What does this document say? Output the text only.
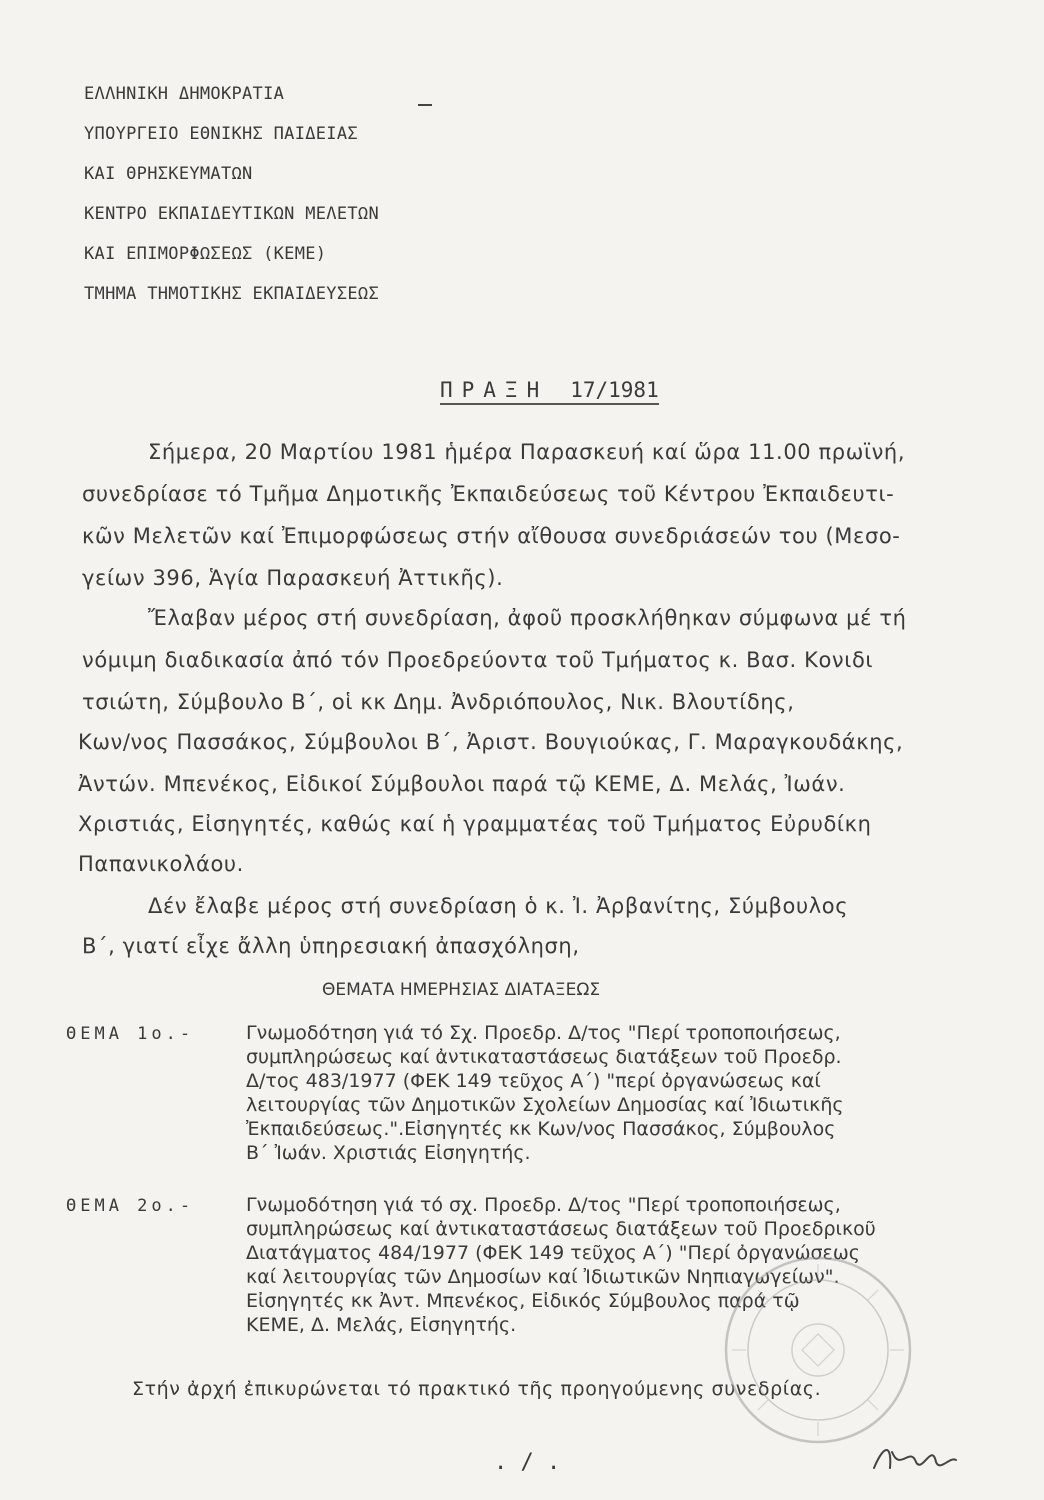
ΕΛΛΗΝΙΚΗ ΔΗΜΟΚΡΑΤΙΑ
ΥΠΟΥΡΓΕΙΟ ΕΘΝΙΚΗΣ ΠΑΙΔΕΙΑΣ
ΚΑΙ ΘΡΗΣΚΕΥΜΑΤΩΝ
ΚΕΝΤΡΟ ΕΚΠΑΙΔΕΥΤΙΚΩΝ ΜΕΛΕΤΩΝ
ΚΑΙ ΕΠΙΜΟΡΦΩΣΕΩΣ (ΚΕΜΕ)
ΤΜΗΜΑ ΤΗΜΟΤΙΚΗΣ ΕΚΠΑΙΔΕΥΣΕΩΣ
ΠΡΑΞΗ 17/1981
Σήμερα, 20 Μαρτίου 1981 ἡμέρα Παρασκευή καί ὥρα 11.00 πρωϊνή,
συνεδρίασε τό Τμῆμα Δημοτικῆς Ἐκπαιδεύσεως τοῦ Κέντρου Ἐκπαιδευτι-
κῶν Μελετῶν καί Ἐπιμορφώσεως στήν αἴθουσα συνεδριάσεών του (Μεσο-
γείων 396, Ἁγία Παρασκευή Ἀττικῆς).
Ἔλαβαν μέρος στή συνεδρίαση, ἀφοῦ προσκλήθηκαν σύμφωνα μέ τή
νόμιμη διαδικασία ἀπό τόν Προεδρεύοντα τοῦ Τμήματος κ. Βασ. Κονιδι
τσιώτη, Σύμβουλο Β΄, οἱ κκ Δημ. Ἀνδριόπουλος, Νικ. Βλουτίδης,
Κων/νος Πασσάκος, Σύμβουλοι Β΄, Ἀριστ. Βουγιούκας, Γ. Μαραγκουδάκης,
Ἀντών. Μπενέκος, Εἰδικοί Σύμβουλοι παρά τῷ ΚΕΜΕ, Δ. Μελάς, Ἰωάν.
Χριστιάς, Εἰσηγητές, καθώς καί ἡ γραμματέας τοῦ Τμήματος Εὐρυδίκη
Παπανικολάου.
Δέν ἔλαβε μέρος στή συνεδρίαση ὁ κ. Ἰ. Ἀρβανίτης, Σύμβουλος
Β΄, γιατί εἶχε ἄλλη ὑπηρεσιακή ἀπασχόληση,
ΘΕΜΑΤΑ ΗΜΕΡΗΣΙΑΣ ΔΙΑΤΑΞΕΩΣ
ΘΕΜΑ 1ο.-	Γνωμοδότηση γιά τό Σχ. Προεδρ. Δ/τος "Περί τροποποιήσεως,
συμπληρώσεως καί ἀντικαταστάσεως διατάξεων τοῦ Προεδρ.
Δ/τος 483/1977 (ΦΕΚ 149 τεῦχος Α΄) "περί ὀργανώσεως καί
λειτουργίας τῶν Δημοτικῶν Σχολείων Δημοσίας καί Ἰδιωτικῆς
Ἐκπαιδεύσεως.".Εἰσηγητές κκ Κων/νος Πασσάκος, Σύμβουλος
Β΄ Ἰωάν. Χριστιάς Εἰσηγητής.
ΘΕΜΑ 2ο.-	Γνωμοδότηση γιά τό σχ. Προεδρ. Δ/τος "Περί τροποποιήσεως,
συμπληρώσεως καί ἀντικαταστάσεως διατάξεων τοῦ Προεδρικοῦ
Διατάγματος 484/1977 (ΦΕΚ 149 τεῦχος Α΄) "Περί ὀργανώσεως
καί λειτουργίας τῶν Δημοσίων καί Ἰδιωτικῶν Νηπιαγωγείων".
Εἰσηγητές κκ Ἀντ. Μπενέκος, Εἰδικός Σύμβουλος παρά τῷ
ΚΕΜΕ, Δ. Μελάς, Εἰσηγητής.
Στήν ἀρχή ἐπικυρώνεται τό πρακτικό τῆς προηγούμενης συνεδρίας.
. / .
